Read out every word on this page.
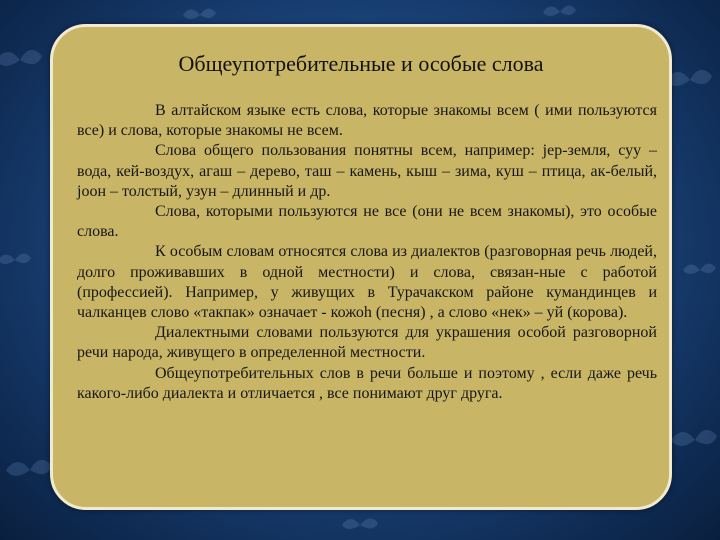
Общеупотребительные и особые слова

В алтайском языке есть слова, которые знакомы всем ( ими пользуются все) и слова, которые знакомы не всем.

Слова общего пользования понятны всем, например: jер-земля, суу –вода, кей-воздух, агаш – дерево, таш – камень, кыш – зима, куш – птица, ак-белый, jоон – толстый, узун – длинный и др.

Слова, которыми пользуются не все (они не всем знакомы), это особые слова.

К особым словам относятся слова из диалектов (разговорная речь людей, долго проживавших в одной местности) и слова, связан-ные с работой (профессией). Например, у живущих в Турачакском районе кумандинцев и чалканцев слово «такпак» означает - кожоh (песня) , а слово «нек» – уй (корова).

Диалектными словами пользуются для украшения особой разговорной речи народа, живущего в определенной местности.

Общеупотребительных слов в речи больше и поэтому , если даже речь какого-либо диалекта и отличается , все понимают друг друга.
